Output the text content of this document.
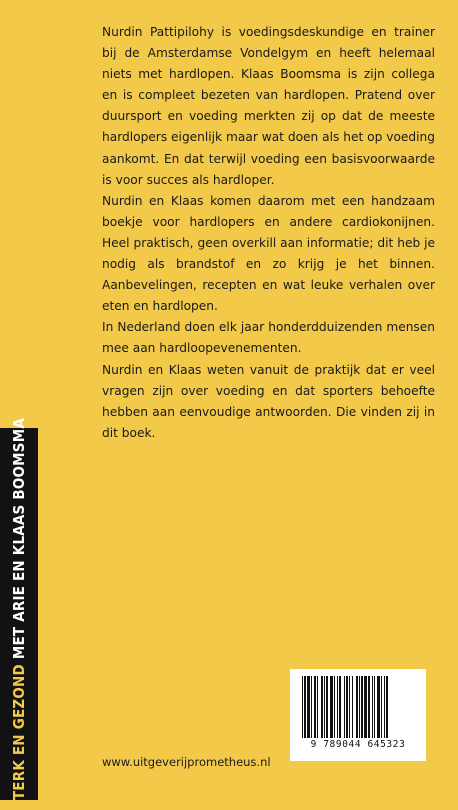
STERK EN GEZOND MET ARIE EN KLAAS BOOMSMA

Nurdin Pattipilohy is voedingsdeskundige en trainer bij de Amsterdamse Vondelgym en heeft helemaal niets met hardlopen. Klaas Boomsma is zijn collega en is compleet bezeten van hardlopen. Pratend over duursport en voeding merkten zij op dat de meeste hardlopers eigenlijk maar wat doen als het op voeding aankomt. En dat terwijl voeding een basisvoorwaarde is voor succes als hardloper.

Nurdin en Klaas komen daarom met een handzaam boekje voor hardlopers en andere cardiokonijnen. Heel praktisch, geen overkill aan informatie; dit heb je nodig als brandstof en zo krijg je het binnen. Aanbevelingen, recepten en wat leuke verhalen over eten en hardlopen.

In Nederland doen elk jaar honderdduizenden mensen mee aan hardloopevenementen.

Nurdin en Klaas weten vanuit de praktijk dat er veel vragen zijn over voeding en dat sporters behoefte hebben aan eenvoudige antwoorden. Die vinden zij in dit boek.

www.uitgeverijprometheus.nl
9 789044 645323
